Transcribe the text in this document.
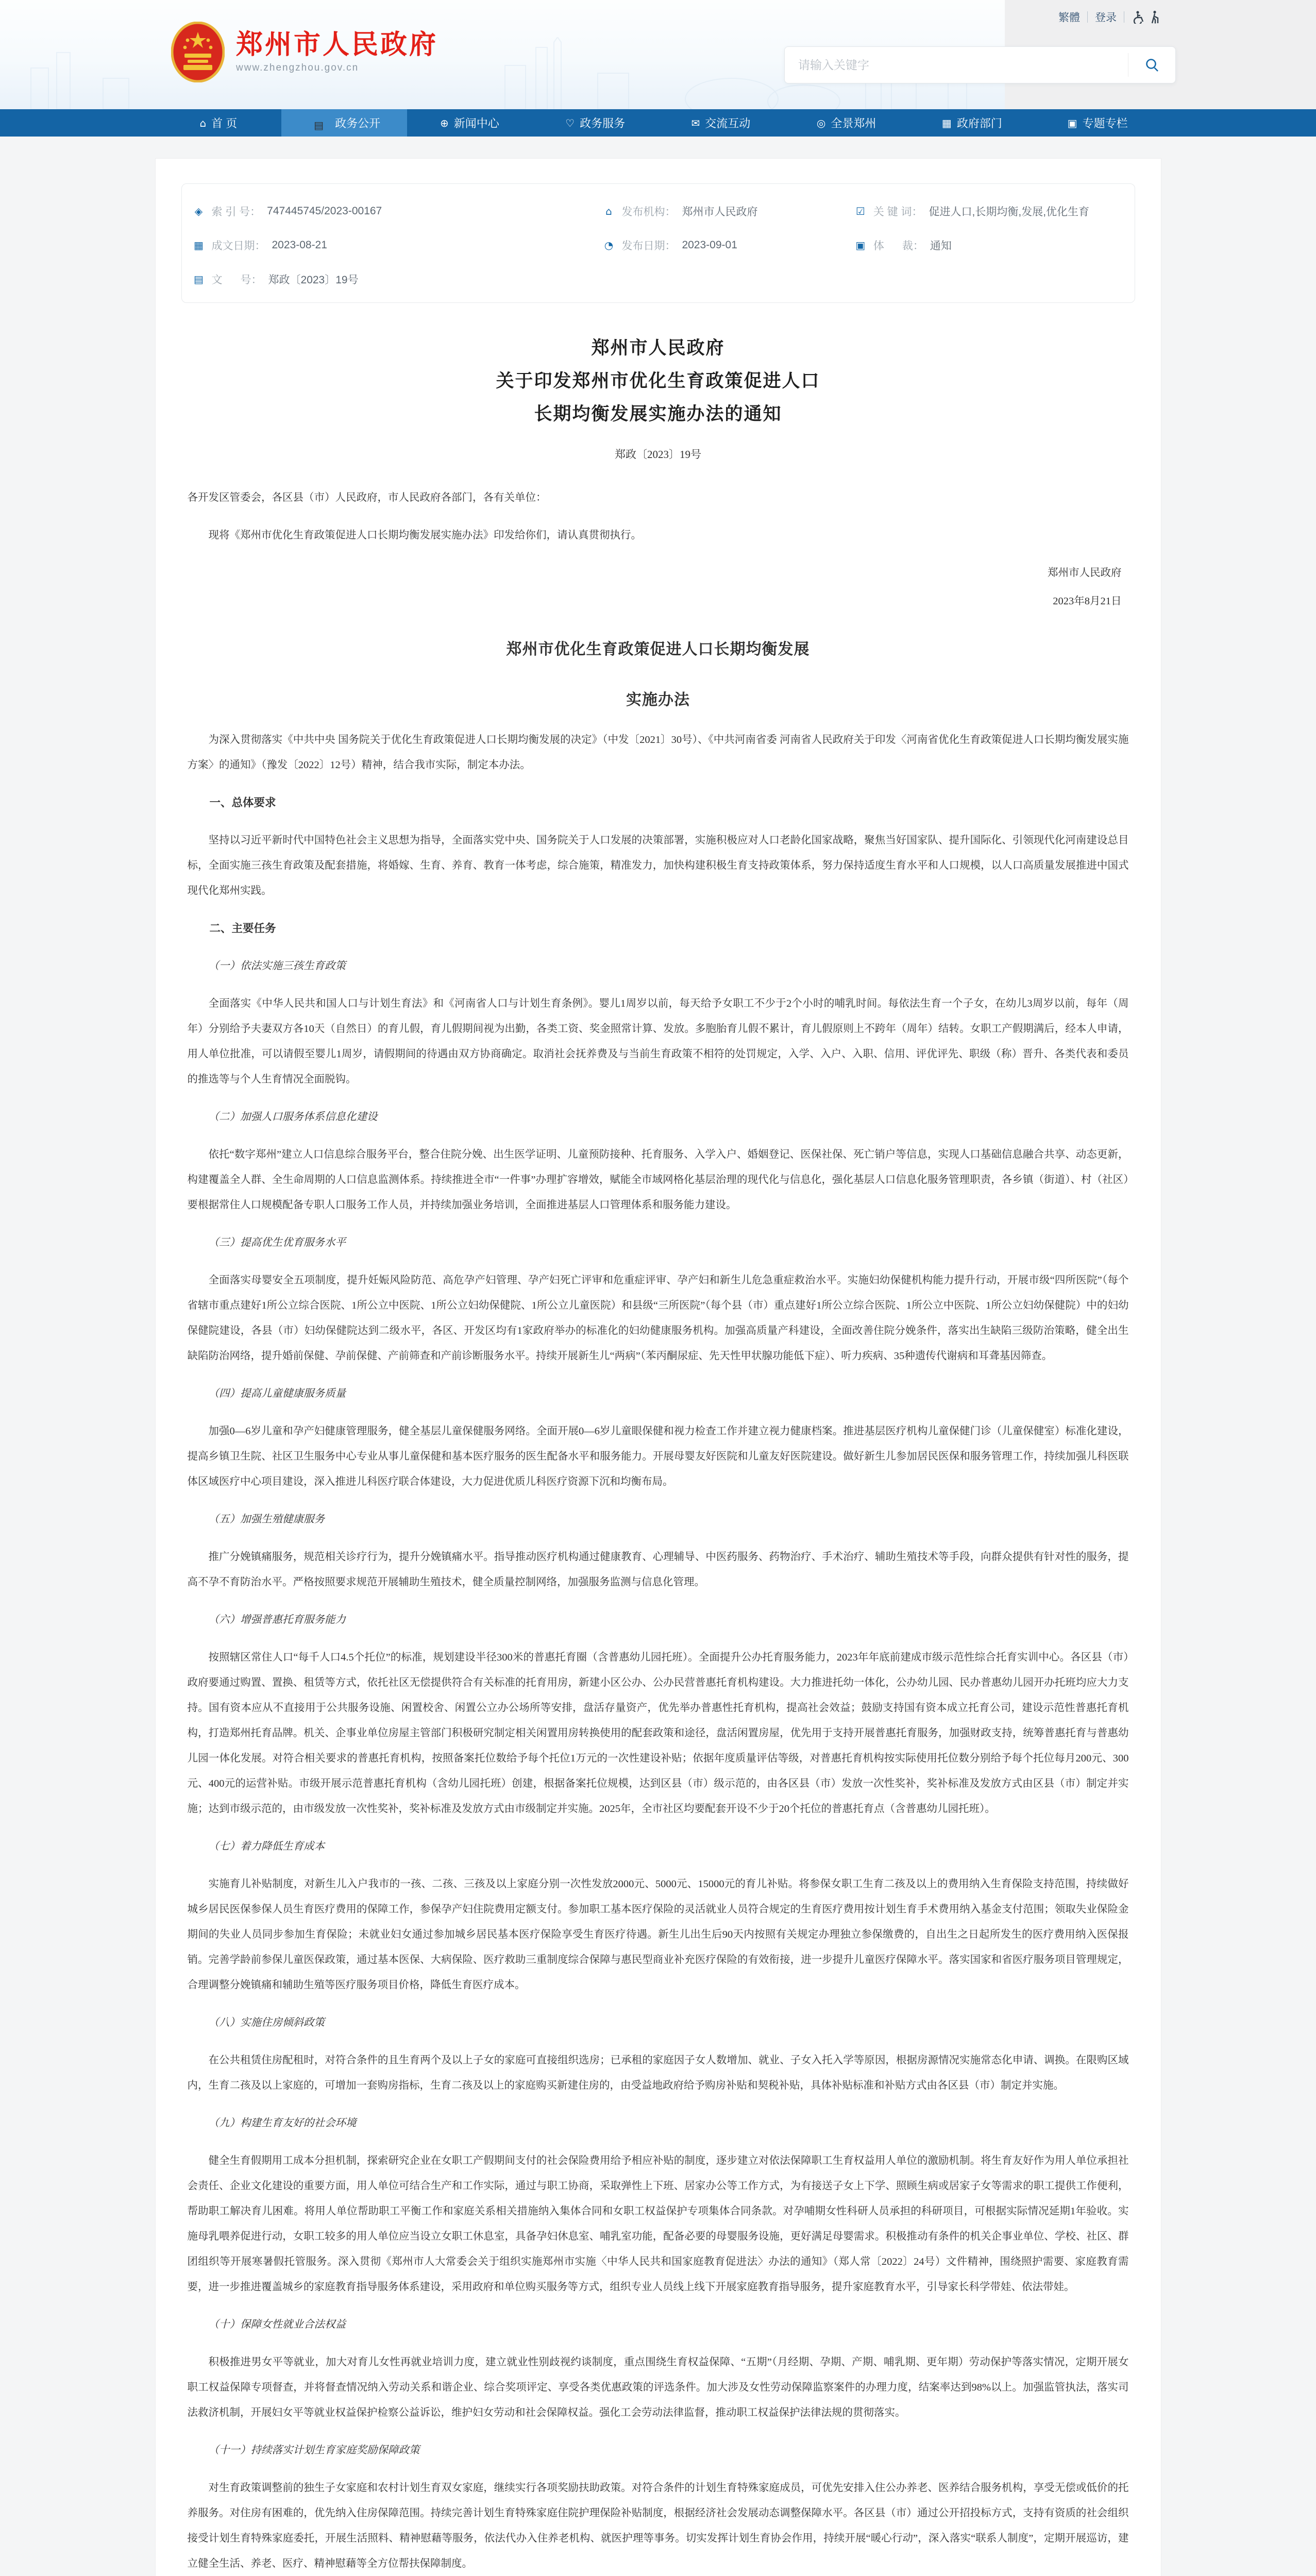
繁體 登录
郑州市人民政府
www.zhengzhou.gov.cn
请输入关键字
⌂
首 页 ▤	政务公开 ⊕	新闻中心 ♡	政务服务 ✉	交流互动 ◎	全景郑州 ▦	政府部门 ▣	专题专栏
◈ 索 引 号： 747445745/2023-00167
▦ 成文日期： 2023-08-21
▤ 文      号： 郑政〔2023〕19号
⌂ 发布机构： 郑州市人民政府
◔ 发布日期： 2023-09-01
☑ 关 键 词： 促进人口,长期均衡,发展,优化生育
▣ 体      裁： 通知
郑州市人民政府
关于印发郑州市优化生育政策促进人口
长期均衡发展实施办法的通知
郑政〔2023〕19号
各开发区管委会，各区县（市）人民政府，市人民政府各部门，各有关单位：
现将《郑州市优化生育政策促进人口长期均衡发展实施办法》印发给你们，请认真贯彻执行。
郑州市人民政府
2023年8月21日
郑州市优化生育政策促进人口长期均衡发展
实施办法
为深入贯彻落实《中共中央 国务院关于优化生育政策促进人口长期均衡发展的决定》（中发〔2021〕30号）、《中共河南省委 河南省人民政府关于印发〈河南省优化生育政策促进人口长期均衡发展实施方案〉的通知》（豫发〔2022〕12号）精神，结合我市实际，制定本办法。
一、总体要求
坚持以习近平新时代中国特色社会主义思想为指导，全面落实党中央、国务院关于人口发展的决策部署，实施积极应对人口老龄化国家战略，聚焦当好国家队、提升国际化、引领现代化河南建设总目标，全面实施三孩生育政策及配套措施，将婚嫁、生育、养育、教育一体考虑，综合施策，精准发力，加快构建积极生育支持政策体系，努力保持适度生育水平和人口规模，以人口高质量发展推进中国式现代化郑州实践。
二、主要任务
（一）依法实施三孩生育政策
全面落实《中华人民共和国人口与计划生育法》和《河南省人口与计划生育条例》。婴儿1周岁以前，每天给予女职工不少于2个小时的哺乳时间。每依法生育一个子女，在幼儿3周岁以前，每年（周年）分别给予夫妻双方各10天（自然日）的育儿假，育儿假期间视为出勤，各类工资、奖金照常计算、发放。多胞胎育儿假不累计，育儿假原则上不跨年（周年）结转。女职工产假期满后，经本人申请，用人单位批准，可以请假至婴儿1周岁，请假期间的待遇由双方协商确定。取消社会抚养费及与当前生育政策不相符的处罚规定，入学、入户、入职、信用、评优评先、职级（称）晋升、各类代表和委员的推选等与个人生育情况全面脱钩。
（二）加强人口服务体系信息化建设
依托“数字郑州”建立人口信息综合服务平台，整合住院分娩、出生医学证明、儿童预防接种、托育服务、入学入户、婚姻登记、医保社保、死亡销户等信息，实现人口基础信息融合共享、动态更新，构建覆盖全人群、全生命周期的人口信息监测体系。持续推进全市“一件事”办理扩容增效，赋能全市域网格化基层治理的现代化与信息化，强化基层人口信息化服务管理职责，各乡镇（街道）、村（社区）要根据常住人口规模配备专职人口服务工作人员，并持续加强业务培训，全面推进基层人口管理体系和服务能力建设。
（三）提高优生优育服务水平
全面落实母婴安全五项制度，提升妊娠风险防范、高危孕产妇管理、孕产妇死亡评审和危重症评审、孕产妇和新生儿危急重症救治水平。实施妇幼保健机构能力提升行动，开展市级“四所医院”（每个省辖市重点建好1所公立综合医院、1所公立中医院、1所公立妇幼保健院、1所公立儿童医院）和县级“三所医院”（每个县（市）重点建好1所公立综合医院、1所公立中医院、1所公立妇幼保健院）中的妇幼保健院建设，各县（市）妇幼保健院达到二级水平，各区、开发区均有1家政府举办的标准化的妇幼健康服务机构。加强高质量产科建设，全面改善住院分娩条件，落实出生缺陷三级防治策略，健全出生缺陷防治网络，提升婚前保健、孕前保健、产前筛查和产前诊断服务水平。持续开展新生儿“两病”（苯丙酮尿症、先天性甲状腺功能低下症）、听力疾病、35种遗传代谢病和耳聋基因筛查。
（四）提高儿童健康服务质量
加强0—6岁儿童和孕产妇健康管理服务，健全基层儿童保健服务网络。全面开展0—6岁儿童眼保健和视力检查工作并建立视力健康档案。推进基层医疗机构儿童保健门诊（儿童保健室）标准化建设，提高乡镇卫生院、社区卫生服务中心专业从事儿童保健和基本医疗服务的医生配备水平和服务能力。开展母婴友好医院和儿童友好医院建设。做好新生儿参加居民医保和服务管理工作，持续加强儿科医联体区域医疗中心项目建设，深入推进儿科医疗联合体建设，大力促进优质儿科医疗资源下沉和均衡布局。
（五）加强生殖健康服务
推广分娩镇痛服务，规范相关诊疗行为，提升分娩镇痛水平。指导推动医疗机构通过健康教育、心理辅导、中医药服务、药物治疗、手术治疗、辅助生殖技术等手段，向群众提供有针对性的服务，提高不孕不育防治水平。严格按照要求规范开展辅助生殖技术，健全质量控制网络，加强服务监测与信息化管理。
（六）增强普惠托育服务能力
按照辖区常住人口“每千人口4.5个托位”的标准，规划建设半径300米的普惠托育圈（含普惠幼儿园托班）。全面提升公办托育服务能力，2023年年底前建成市级示范性综合托育实训中心。各区县（市）政府要通过购置、置换、租赁等方式，依托社区无偿提供符合有关标准的托育用房，新建小区公办、公办民营普惠托育机构建设。大力推进托幼一体化，公办幼儿园、民办普惠幼儿园开办托班均应大力支持。国有资本应从不直接用于公共服务设施、闲置校舍、闲置公立办公场所等安排，盘活存量资产，优先举办普惠性托育机构，提高社会效益；鼓励支持国有资本成立托育公司，建设示范性普惠托育机构，打造郑州托育品牌。机关、企事业单位房屋主管部门积极研究制定相关闲置用房转换使用的配套政策和途径，盘活闲置房屋，优先用于支持开展普惠托育服务，加强财政支持，统筹普惠托育与普惠幼儿园一体化发展。对符合相关要求的普惠托育机构，按照备案托位数给予每个托位1万元的一次性建设补贴；依据年度质量评估等级，对普惠托育机构按实际使用托位数分别给予每个托位每月200元、300元、400元的运营补贴。市级开展示范普惠托育机构（含幼儿园托班）创建，根据备案托位规模，达到区县（市）级示范的，由各区县（市）发放一次性奖补，奖补标准及发放方式由区县（市）制定并实施；达到市级示范的，由市级发放一次性奖补，奖补标准及发放方式由市级制定并实施。2025年，全市社区均要配套开设不少于20个托位的普惠托育点（含普惠幼儿园托班）。
（七）着力降低生育成本
实施育儿补贴制度，对新生儿入户我市的一孩、二孩、三孩及以上家庭分别一次性发放2000元、5000元、15000元的育儿补贴。将参保女职工生育二孩及以上的费用纳入生育保险支持范围，持续做好城乡居民医保参保人员生育医疗费用的保障工作，参保孕产妇住院费用定额支付。参加职工基本医疗保险的灵活就业人员符合规定的生育医疗费用按计划生育手术费用纳入基金支付范围；领取失业保险金期间的失业人员同步参加生育保险；未就业妇女通过参加城乡居民基本医疗保险享受生育医疗待遇。新生儿出生后90天内按照有关规定办理独立参保缴费的，自出生之日起所发生的医疗费用纳入医保报销。完善学龄前参保儿童医保政策，通过基本医保、大病保险、医疗救助三重制度综合保障与惠民型商业补充医疗保险的有效衔接，进一步提升儿童医疗保障水平。落实国家和省医疗服务项目管理规定，合理调整分娩镇痛和辅助生殖等医疗服务项目价格，降低生育医疗成本。
（八）实施住房倾斜政策
在公共租赁住房配租时，对符合条件的且生育两个及以上子女的家庭可直接组织选房；已承租的家庭因子女人数增加、就业、子女入托入学等原因，根据房源情况实施常态化申请、调换。在限购区域内，生育二孩及以上家庭的，可增加一套购房指标，生育二孩及以上的家庭购买新建住房的，由受益地政府给予购房补贴和契税补贴，具体补贴标准和补贴方式由各区县（市）制定并实施。
（九）构建生育友好的社会环境
健全生育假期用工成本分担机制，探索研究企业在女职工产假期间支付的社会保险费用给予相应补贴的制度，逐步建立对依法保障职工生育权益用人单位的激励机制。将生育友好作为用人单位承担社会责任、企业文化建设的重要方面，用人单位可结合生产和工作实际，通过与职工协商，采取弹性上下班、居家办公等工作方式，为有接送子女上下学、照顾生病或居家子女等需求的职工提供工作便利，帮助职工解决育儿困难。将用人单位帮助职工平衡工作和家庭关系相关措施纳入集体合同和女职工权益保护专项集体合同条款。对孕哺期女性科研人员承担的科研项目，可根据实际情况延期1年验收。实施母乳喂养促进行动，女职工较多的用人单位应当设立女职工休息室，具备孕妇休息室、哺乳室功能，配备必要的母婴服务设施，更好满足母婴需求。积极推动有条件的机关企事业单位、学校、社区、群团组织等开展寒暑假托管服务。深入贯彻《郑州市人大常委会关于组织实施郑州市实施〈中华人民共和国家庭教育促进法〉办法的通知》（郑人常〔2022〕24号）文件精神，围绕照护需要、家庭教育需要，进一步推进覆盖城乡的家庭教育指导服务体系建设，采用政府和单位购买服务等方式，组织专业人员线上线下开展家庭教育指导服务，提升家庭教育水平，引导家长科学带娃、依法带娃。
（十）保障女性就业合法权益
积极推进男女平等就业，加大对育儿女性再就业培训力度，建立就业性别歧视约谈制度，重点围绕生育权益保障、“五期”（月经期、孕期、产期、哺乳期、更年期）劳动保护等落实情况，定期开展女职工权益保障专项督查，并将督查情况纳入劳动关系和谐企业、综合奖项评定、享受各类优惠政策的评选条件。加大涉及女性劳动保障监察案件的办理力度，结案率达到98%以上。加强监管执法，落实司法救济机制，开展妇女平等就业权益保护检察公益诉讼，维护妇女劳动和社会保障权益。强化工会劳动法律监督，推动职工权益保护法律法规的贯彻落实。
（十一）持续落实计划生育家庭奖励保障政策
对生育政策调整前的独生子女家庭和农村计划生育双女家庭，继续实行各项奖励扶助政策。对符合条件的计划生育特殊家庭成员，可优先安排入住公办养老、医养结合服务机构，享受无偿或低价的托养服务。对住房有困难的，优先纳入住房保障范围。持续完善计划生育特殊家庭住院护理保险补贴制度，根据经济社会发展动态调整保障水平。各区县（市）通过公开招投标方式，支持有资质的社会组织接受计划生育特殊家庭委托，开展生活照料、精神慰藉等服务，依法代办入住养老机构、就医护理等事务。切实发挥计划生育协会作用，持续开展“暖心行动”，深入落实“联系人制度”，定期开展巡访，建立健全生活、养老、医疗、精神慰藉等全方位帮扶保障制度。
